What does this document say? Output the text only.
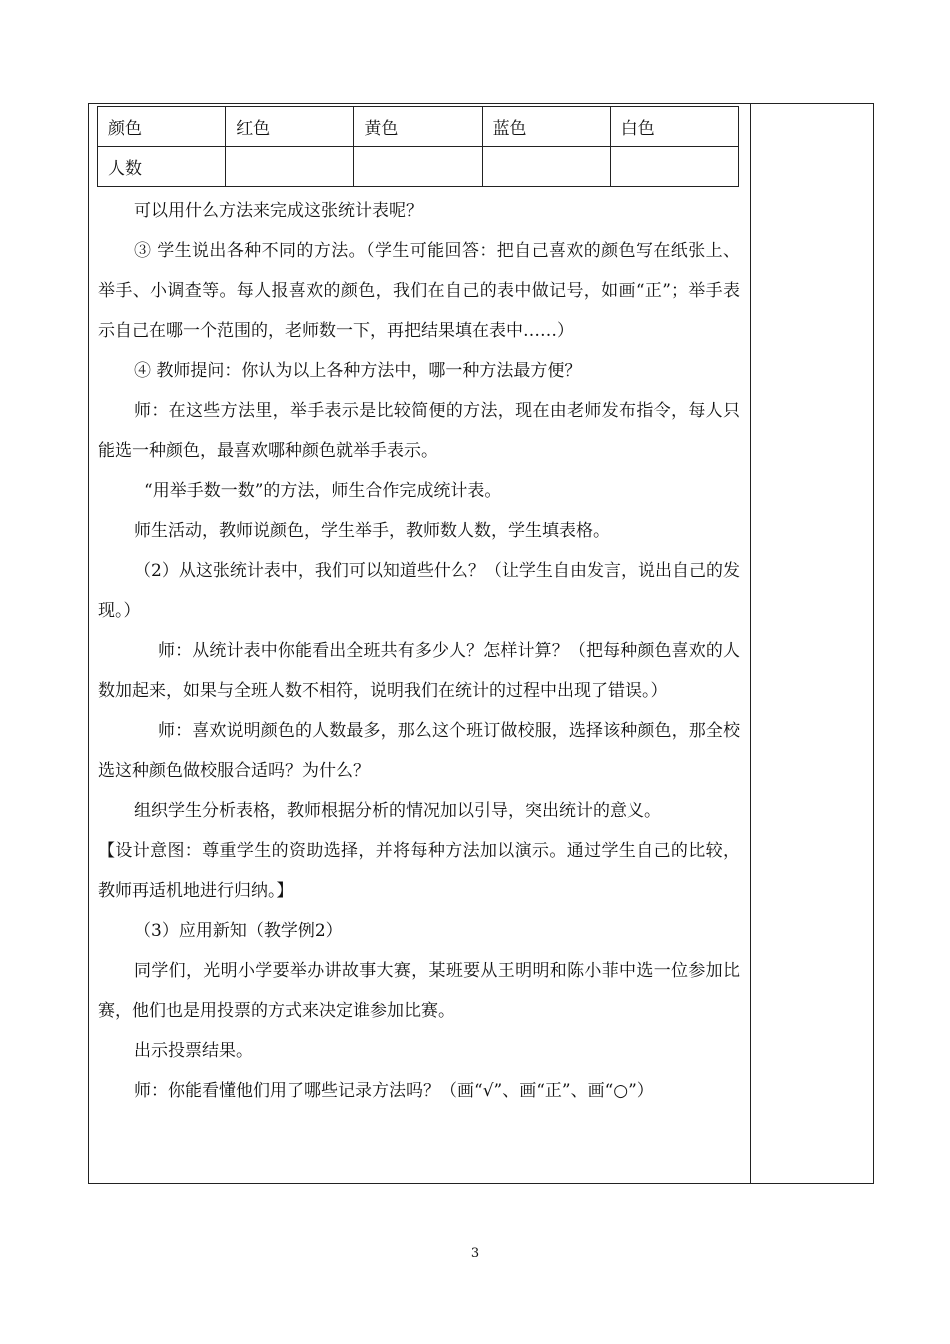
颜色	红色	黄色	蓝色	白色
人数				

可以用什么方法来完成这张统计表呢？

③ 学生说出各种不同的方法。（学生可能回答：把自己喜欢的颜色写在纸张上、举手、小调查等。每人报喜欢的颜色，我们在自己的表中做记号，如画“正”；举手表示自己在哪一个范围的，老师数一下，再把结果填在表中……）

④ 教师提问：你认为以上各种方法中，哪一种方法最方便？

师：在这些方法里，举手表示是比较简便的方法，现在由老师发布指令，每人只能选一种颜色，最喜欢哪种颜色就举手表示。

“用举手数一数”的方法，师生合作完成统计表。

师生活动，教师说颜色，学生举手，教师数人数，学生填表格。

（2）从这张统计表中，我们可以知道些什么？（让学生自由发言，说出自己的发现。）

师：从统计表中你能看出全班共有多少人？怎样计算？（把每种颜色喜欢的人数加起来，如果与全班人数不相符，说明我们在统计的过程中出现了错误。）

师：喜欢说明颜色的人数最多，那么这个班订做校服，选择该种颜色，那全校选这种颜色做校服合适吗？为什么？

组织学生分析表格，教师根据分析的情况加以引导，突出统计的意义。

【设计意图：尊重学生的资助选择，并将每种方法加以演示。通过学生自己的比较，教师再适机地进行归纳。】

（3）应用新知（教学例2）

同学们，光明小学要举办讲故事大赛，某班要从王明明和陈小菲中选一位参加比赛，他们也是用投票的方式来决定谁参加比赛。

出示投票结果。

师：你能看懂他们用了哪些记录方法吗？（画“√”、画“正”、画“○”）

3
